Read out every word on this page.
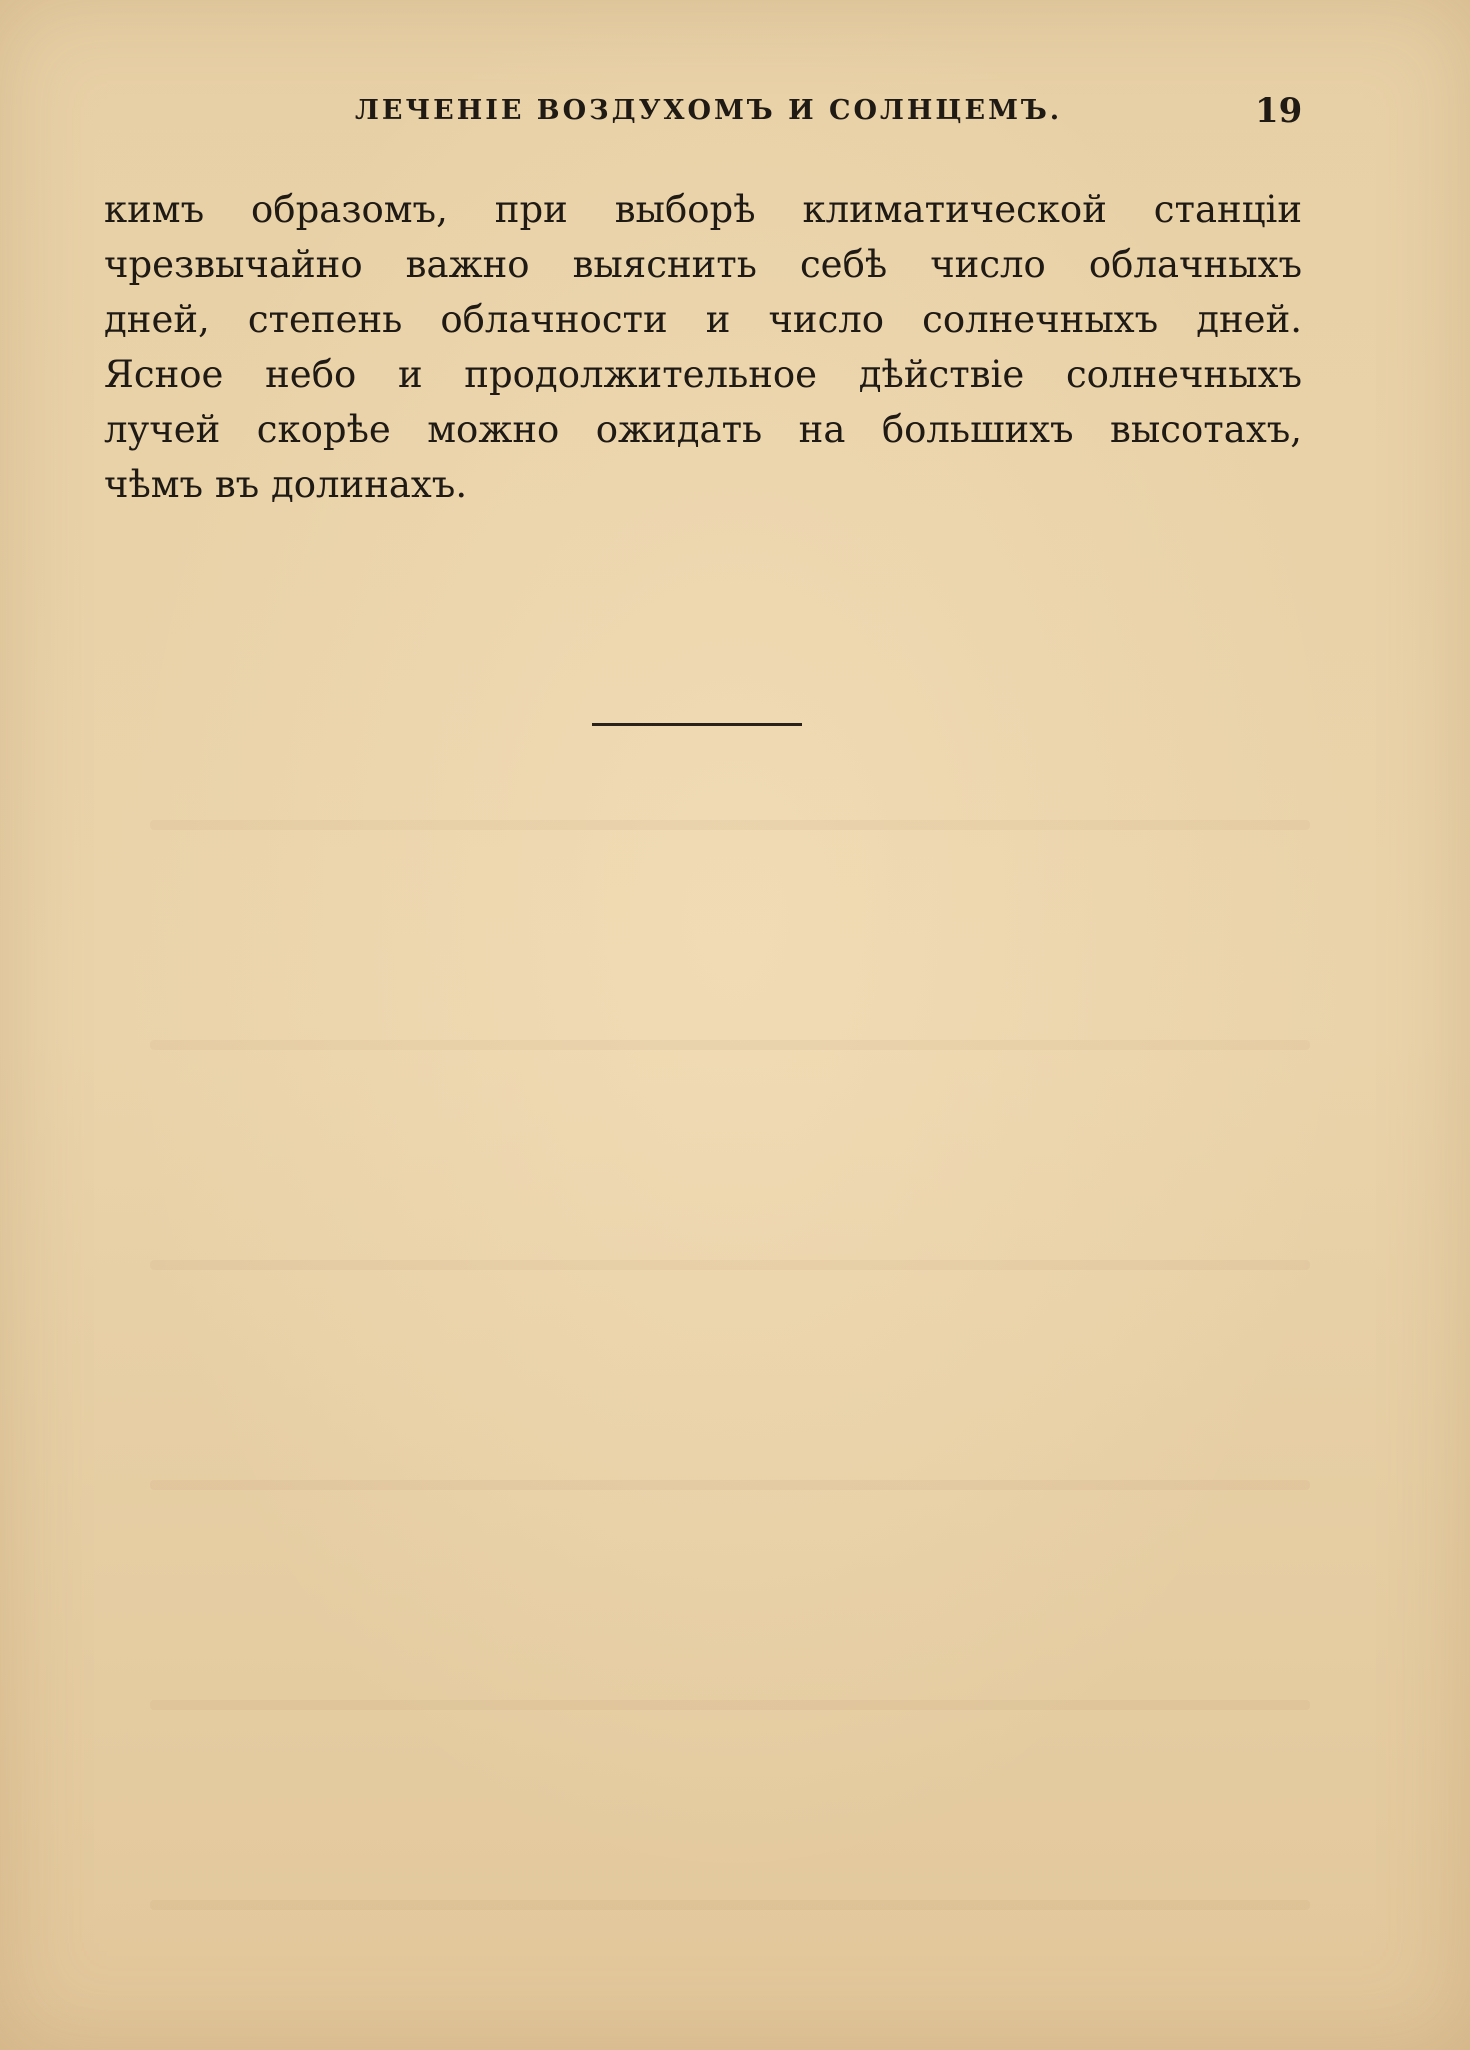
ЛЕЧЕНІЕ ВОЗДУХОМЪ И СОЛНЦЕМЪ.	19
кимъ образомъ, при выборѣ климатической станціи
чрезвычайно важно выяснить себѣ число облачныхъ
дней, степень облачности и число солнечныхъ дней.
Ясное небо и продолжительное дѣйствіе солнечныхъ
лучей скорѣе можно ожидать на большихъ высотахъ,
чѣмъ въ долинахъ.
